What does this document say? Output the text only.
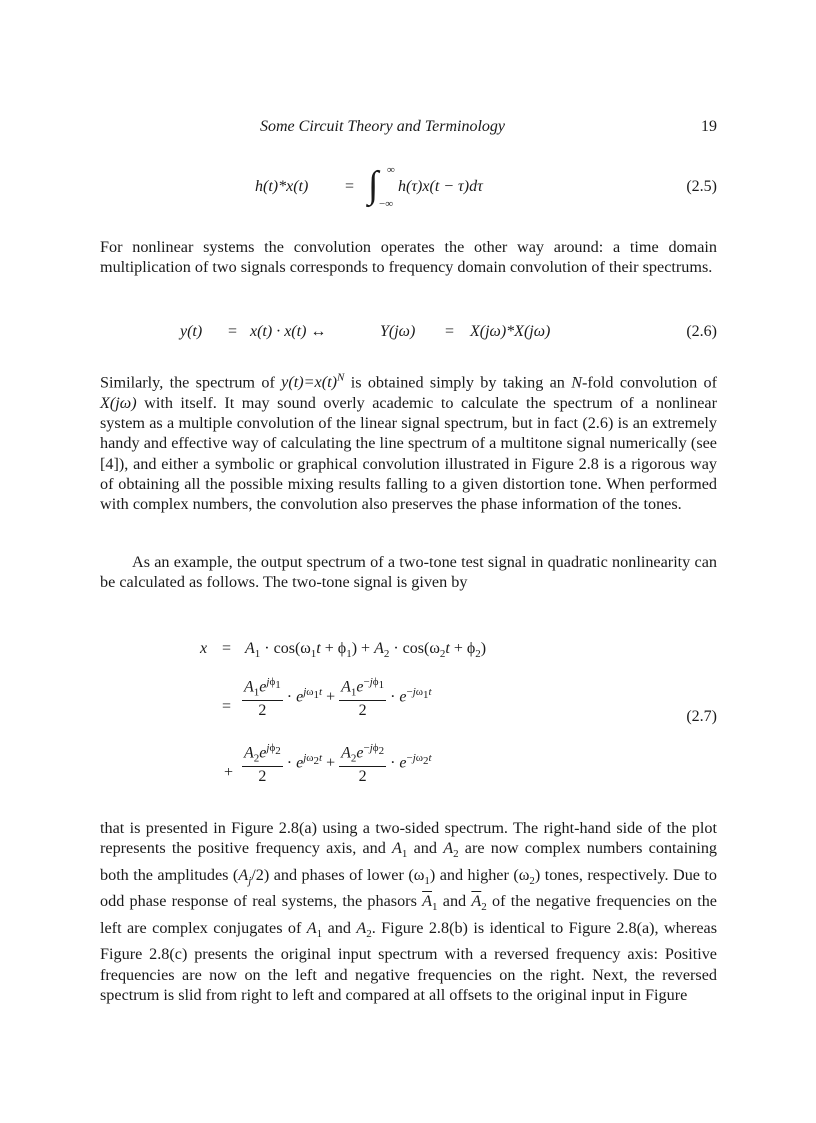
Some Circuit Theory and Terminology	19
h(t)*x(t) = ∫ ∞
−∞
h(τ)x(t − τ)dτ	(2.5)

For nonlinear systems the convolution operates the other way around: a time domain multiplication of two signals corresponds to frequency domain convolution of their spectrums.

y(t) = x(t) · x(t) ↔	Y(jω) = X(jω)*X(jω)	(2.6)

Similarly, the spectrum of $y(t)=x(t)^N$ is obtained simply by taking an N-fold convolution of X(jω) with itself. It may sound overly academic to calculate the spectrum of a nonlinear system as a multiple convolution of the linear signal spectrum, but in fact (2.6) is an extremely handy and effective way of calculating the line spectrum of a multitone signal numerically (see [4]), and either a symbolic or graphical convolution illustrated in Figure 2.8 is a rigorous way of obtaining all the possible mixing results falling to a given distortion tone. When performed with complex numbers, the convolution also preserves the phase information of the tones.

As an example, the output spectrum of a two-tone test signal in quadratic nonlinearity can be calculated as follows. The two-tone signal is given by

$x = A_1 \cdot \cos(\omega_1t + \phi_1) + A_2 \cdot \cos(\omega_2t + \phi_2)$
= $\frac{A_1e^{j\phi_1}}{2} \cdot e^{j\omega_1t} + \frac{A_1e^{-j\phi_1}}{2} \cdot e^{-j\omega_1t}$
(2.7)
+ $\frac{A_2e^{j\phi_2}}{2} \cdot e^{j\omega_2t} + \frac{A_2e^{-j\phi_2}}{2} \cdot e^{-j\omega_2t}$

that is presented in Figure 2.8(a) using a two-sided spectrum. The right-hand side of the plot represents the positive frequency axis, and $A_1$ and $A_2$ are now complex numbers containing both the amplitudes $(A_j/2)$ and phases of lower $(\omega_1)$ and higher $(\omega_2)$ tones, respectively. Due to odd phase response of real systems, the phasors $\overline{A}_1$ and $\overline{A}_2$ of the negative frequencies on the left are complex conjugates of $A_1$ and $A_2$. Figure 2.8(b) is identical to Figure 2.8(a), whereas Figure 2.8(c) presents the original input spectrum with a reversed frequency axis: Positive frequencies are now on the left and negative frequencies on the right. Next, the reversed spectrum is slid from right to left and compared at all offsets to the original input in Figure
